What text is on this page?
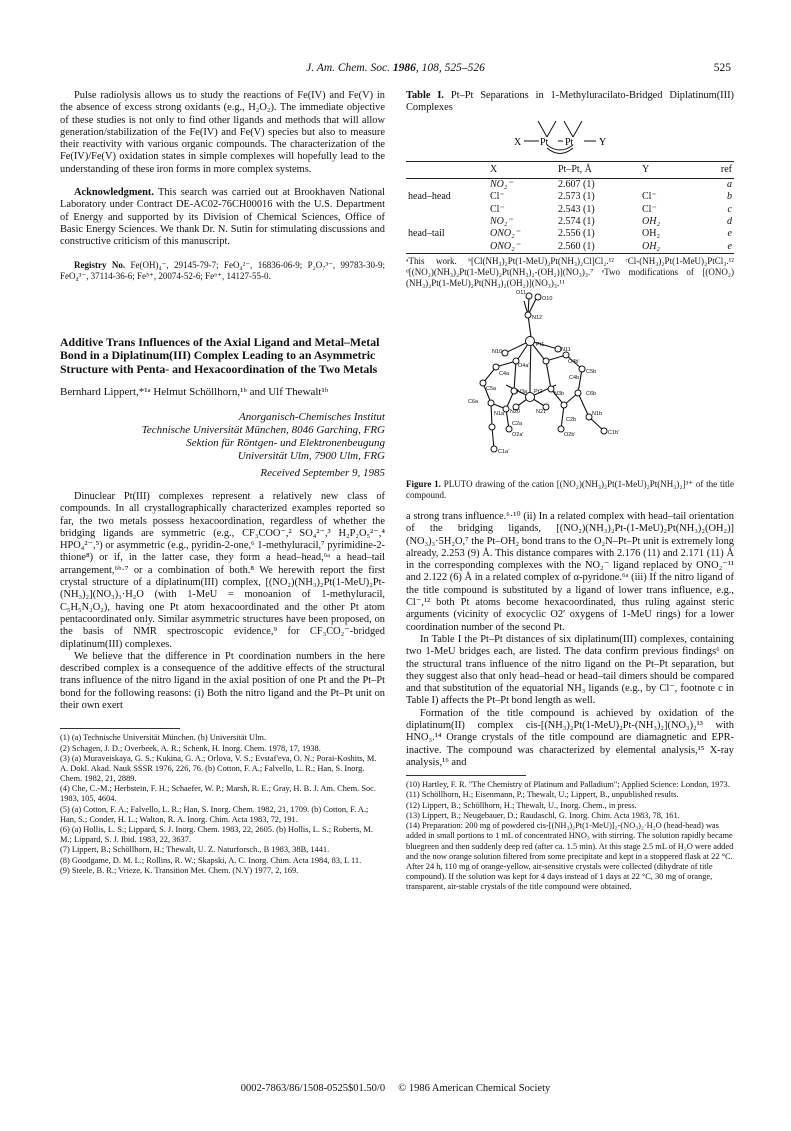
J. Am. Chem. Soc. 1986, 108, 525–526	525

Pulse radiolysis allows us to study the reactions of Fe(IV) and Fe(V) in the absence of excess strong oxidants (e.g., H₂O₂). The immediate objective of these studies is not only to find other ligands and methods that will allow generation/stabilization of the Fe(IV) and Fe(V) species but also to measure their reactivity with various organic compounds. The characterization of the Fe(IV)/Fe(V) oxidation states in simple complexes will hopefully lead to the understanding of these iron forms in more complex systems.

Acknowledgment. This search was carried out at Brookhaven National Laboratory under Contract DE-AC02-76CH00016 with the U.S. Department of Energy and supported by its Division of Chemical Sciences, Office of Basic Energy Sciences. We thank Dr. N. Sutin for stimulating discussions and constructive criticism of this manuscript.

Registry No. Fe(OH)₄⁻, 29145-79-7; FeO₄²⁻, 16836-06-9; P₂O₇³⁻, 99783-30-9; FeO₄³⁻, 37114-36-6; Fe⁵⁺, 20074-52-6; Fe⁶⁺, 14127-55-0.

Additive Trans Influences of the Axial Ligand and Metal–Metal Bond in a Diplatinum(III) Complex Leading to an Asymmetric Structure with Penta- and Hexacoordination of the Two Metals

Bernhard Lippert,*¹ᵃ Helmut Schöllhorn,¹ᵇ and Ulf Thewalt¹ᵇ

Anorganisch-Chemisches Institut
Technische Universität München, 8046 Garching, FRG
Sektion für Röntgen- und Elektronenbeugung
Universität Ulm, 7900 Ulm, FRG
Received September 9, 1985

Dinuclear Pt(III) complexes represent a relatively new class of compounds. In all crystallographically characterized examples reported so far, the two metals possess hexacoordination, regardless of whether the bridging ligands are symmetric (e.g., CF₃COO⁻,² SO₄²⁻,³ H₂P₂O₅²⁻,⁴ HPO₄²⁻,⁵) or asymmetric (e.g., pyridin-2-one,⁶ 1-methyluracil,⁷ pyrimidine-2-thione⁸) or if, in the latter case, they form a head–head,⁶ᵃ a head–tail arrangement,⁶ᵇ·⁷ or a combination of both.⁸ We herewith report the first crystal structure of a diplatinum(III) complex, [(NO₂)(NH₃)₂Pt(1-MeU)₂Pt-(NH₃)₂](NO₃)₃·H₂O (with 1-MeU = monoanion of 1-methyluracil, C₅H₅N₂O₂), having one Pt atom hexacoordinated and the other Pt atom pentacoordinated only. Similar asymmetric structures have been proposed, on the basis of NMR spectroscopic evidence,⁹ for CF₃CO₂⁻-bridged diplatinum(III) complexes.

We believe that the difference in Pt coordination numbers in the here described complex is a consequence of the additive effects of the structural trans influence of the nitro ligand in the axial position of one Pt and the Pt–Pt bond for the following reasons: (i) Both the nitro ligand and the Pt–Pt unit on their own exert

(1) (a) Technische Universität München. (b) Universität Ulm.

(2) Schagen, J. D.; Overbeek, A. R.; Schenk, H. Inorg. Chem. 1978, 17, 1938.

(3) (a) Muraveiskaya, G. S.; Kukina, G. A.; Orlova, V. S.; Evstaf'eva, O. N.; Porai-Koshits, M. A. Dokl. Akad. Nauk SSSR 1976, 226, 76. (b) Cotton, F. A.; Falvello, L. R.; Han, S. Inorg. Chem. 1982, 21, 2889.

(4) Che, C.-M.; Herbstein, F. H.; Schaefer, W. P.; Marsh, R. E.; Gray, H. B. J. Am. Chem. Soc. 1983, 105, 4604.

(5) (a) Cotton, F. A.; Falvello, L. R.; Han, S. Inorg. Chem. 1982, 21, 1709. (b) Cotton, F. A.; Han, S.; Conder, H. L.; Walton, R. A. Inorg. Chim. Acta 1983, 72, 191.

(6) (a) Hollis, L. S.; Lippard, S. J. Inorg. Chem. 1983, 22, 2605. (b) Hollis, L. S.; Roberts, M. M.; Lippard, S. J. Ibid. 1983, 22, 3637.

(7) Lippert, B.; Schöllhorn, H.; Thewalt, U. Z. Naturforsch., B 1983, 38B, 1441.

(8) Goodgame, D. M. L.; Rollins, R. W.; Skapski, A. C. Inorg. Chim. Acta 1984, 83, L 11.

(9) Steele, B. R.; Vrieze, K. Transition Met. Chem. (N.Y) 1977, 2, 169.

Table I. Pt–Pt Separations in 1-Methyluracilato-Bridged Diplatinum(III) Complexes

X Pt Pt	Y
	X	Pt–Pt, Å	Y	ref
	NO₂⁻	2.607 (1)		a
head–head	Cl⁻	2.573 (1)	Cl⁻	b
	Cl⁻	2.543 (1)	Cl⁻	c
	NO₂⁻	2.574 (1)	OH₂	d
head–tail	ONO₂⁻	2.556 (1)	OH₂	e
	ONO₂⁻	2.560 (1)	OH₂	e

ᵃThis work. ᵇ[Cl(NH₃)₂Pt(1-MeU)₂Pt(NH₃)₂Cl]Cl₂.¹² ᶜCl-(NH₃)₂Pt(1-MeU)₂PtCl₃.¹² ᵈ[(NO₂)(NH₃)₂Pt(1-MeU)₂Pt(NH₃)₂-(OH₂)](NO₃)₃.⁷ ᵉTwo modifications of [(ONO₂)(NH₃)₂Pt(1-MeU)₂Pt(NH₃)₂(OH₂)](NO₃)₃.¹¹

O11
O10
N12
N11
N10
O4b'
O4a'
Pt1
C4b
C5b
C4a
C5a	N3a	N3b	C6b
C6a
Pt2
N21
N1a N20
C2a
C2b
N1b
O2a'	O2b'	C1b'
C1a'

Figure 1. PLUTO drawing of the cation [(NO₂)(NH₃)₂Pt(1-MeU)₂Pt(NH₃)₂]³⁺ of the title compound.

a strong trans influence.⁶·¹⁰ (ii) In a related complex with head–tail orientation of the bridging ligands, [(NO₂)(NH₃)₂Pt-(1-MeU)₂Pt(NH₃)₂(OH₂)](NO₃)₃·5H₂O,⁷ the Pt–OH₂ bond trans to the O₂N–Pt–Pt unit is extremely long already, 2.253 (9) Å. This distance compares with 2.176 (11) and 2.171 (11) Å in the corresponding complexes with the NO₂⁻ ligand replaced by ONO₂⁻¹¹ and 2.122 (6) Å in a related complex of α-pyridone.⁶ᵃ (iii) If the nitro ligand of the title compound is substituted by a ligand of lower trans influence, e.g., Cl⁻,¹² both Pt atoms become hexacoordinated, thus ruling against steric arguments (vicinity of exocyclic O2′ oxygens of 1-MeU rings) for a lower coordination number of the second Pt.

In Table I the Pt–Pt distances of six diplatinum(III) complexes, containing two 1-MeU bridges each, are listed. The data confirm previous findings⁶ on the structural trans influence of the nitro ligand on the Pt–Pt separation, but they suggest also that only head–head or head–tail dimers should be compared and that substitution of the equatorial NH₃ ligands (e.g., by Cl⁻, footnote c in Table I) affects the Pt–Pt bond length as well.

Formation of the title compound is achieved by oxidation of the diplatinum(II) complex cis-[(NH₃)₂Pt(1-MeU)₂Pt-(NH₃)₂](NO₃)₂¹³ with HNO₃.¹⁴ Orange crystals of the title compound are diamagnetic and EPR-inactive. The compound was characterized by elemental analysis,¹⁵ X-ray analysis,¹⁶ and

(10) Hartley, F. R. "The Chemistry of Platinum and Palladium"; Applied Science: London, 1973.

(11) Schöllhorn, H.; Eisenmann, P.; Thewalt, U.; Lippert, B., unpublished results.

(12) Lippert, B.; Schöllhorn, H.; Thewalt, U., Inorg. Chem., in press.

(13) Lippert, B.; Neugebauer, D.; Raudaschl, G. Inorg. Chim. Acta 1983, 78, 161.

(14) Preparation: 200 mg of powdered cis-[(NH₃)₂Pt(1-MeU)]₂-(NO₃)₂·H₂O (head-head) was added in small portions to 1 mL of concentrated HNO₃ with stirring. The solution rapidly became bluegreen and then suddenly deep red (after ca. 1.5 min). At this stage 2.5 mL of H₂O were added and the now orange solution filtered from some precipitate and kept in a stoppered flask at 22 °C. After 24 h, 110 mg of orange-yellow, air-sensitive crystals were collected (dihydrate of title compound). If the solution was kept for 4 days instead of 1 days at 22 °C, 30 mg of orange, transparent, air-stable crystals of the title compound were obtained.

0002-7863/86/1508-0525$01.50/0 © 1986 American Chemical Society
